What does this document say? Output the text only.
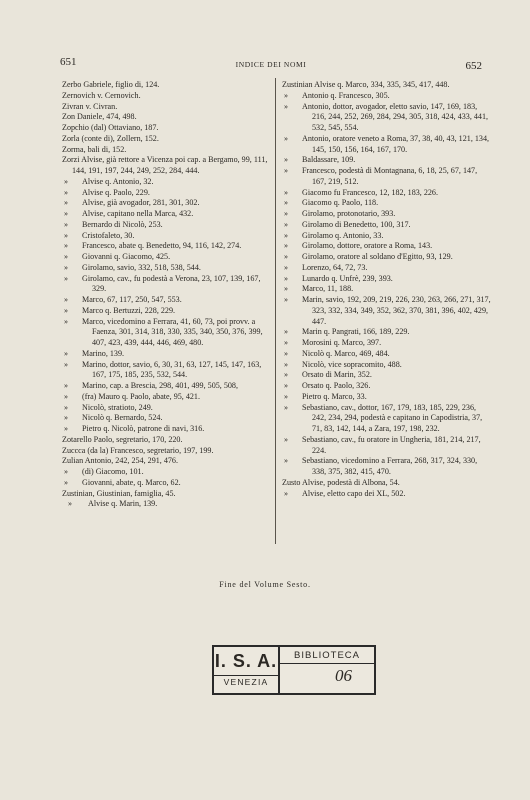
651	INDICE DEI NOMI	652
Zerbo Gabriele, figlio di, 124.
Zernovich v. Cernovich.
Zivran v. Civran.
Zon Daniele, 474, 498.
Zopchio (dal) Ottaviano, 187.
Zorla (conte di), Zollern, 152.
Zorma, bali di, 152.
Zorzi Alvise, già rettore a Vicenza poi cap. a Bergamo, 99, 111, 144, 191, 197, 244, 249, 252, 284, 444.
» Alvise q. Antonio, 32.
» Alvise q. Paolo, 229.
» Alvise, già avogador, 281, 301, 302.
» Alvise, capitano nella Marca, 432.
» Bernardo di Nicolò, 253.
» Cristofaleto, 30.
» Francesco, abate q. Benedetto, 94, 116, 142, 274.
» Giovanni q. Giacomo, 425.
» Girolamo, savio, 332, 518, 538, 544.
» Girolamo, cav., fu podestà a Verona, 23, 107, 139, 167, 329.
» Marco, 67, 117, 250, 547, 553.
» Marco q. Bertuzzi, 228, 229.
» Marco, vicedomino a Ferrara, 41, 60, 73, poi provv. a Faenza, 301, 314, 318, 330, 335, 340, 350, 376, 399, 407, 423, 439, 444, 446, 469, 480.
» Marino, 139.
» Marino, dottor, savio, 6, 30, 31, 63, 127, 145, 147, 163, 167, 175, 185, 235, 532, 544.
» Marino, cap. a Brescia, 298, 401, 499, 505, 508,
» (fra) Mauro q. Paolo, abate, 95, 421.
» Nicolò, stratioto, 249.
» Nicolò q. Bernardo, 524.
» Pietro q. Nicolò, patrone di navi, 316.
Zotarello Paolo, segretario, 170, 220.
Zuccca (da la) Francesco, segretario, 197, 199.
Zulian Antonio, 242, 254, 291, 476.
» (di) Giacomo, 101.
» Giovanni, abate, q. Marco, 62.
Zustinian, Giustinian, famiglia, 45.
» Alvise q. Marin, 139.
Zustinian Alvise q. Marco, 334, 335, 345, 417, 448.
» Antonio q. Francesco, 305.
» Antonio, dottor, avogador, eletto savio, 147, 169, 183, 216, 244, 252, 269, 284, 294, 305, 318, 424, 433, 441, 532, 545, 554.
» Antonio, oratore veneto a Roma, 37, 38, 40, 43, 121, 134, 145, 150, 156, 164, 167, 170.
» Baldassare, 109.
» Francesco, podestà di Montagnana, 6, 18, 25, 67, 147, 167, 219, 512.
» Giacomo fu Francesco, 12, 182, 183, 226.
» Giacomo q. Paolo, 118.
» Girolamo, protonotario, 393.
» Girolamo di Benedetto, 100, 317.
» Girolamo q. Antonio, 33.
» Girolamo, dottore, oratore a Roma, 143.
» Girolamo, oratore al soldano d'Egitto, 93, 129.
» Lorenzo, 64, 72, 73.
» Lunardo q. Unfrè, 239, 393.
» Marco, 11, 188.
» Marin, savio, 192, 209, 219, 226, 230, 263, 266, 271, 317, 323, 332, 334, 349, 352, 362, 370, 381, 396, 402, 429, 447.
» Marin q. Pangrati, 166, 189, 229.
» Morosini q. Marco, 397.
» Nicolò q. Marco, 469, 484.
» Nicolò, vice sopracomito, 488.
» Orsato di Marin, 352.
» Orsato q. Paolo, 326.
» Pietro q. Marco, 33.
» Sebastiano, cav., dottor, 167, 179, 183, 185, 229, 236, 242, 234, 294, podestà e capitano in Capodistria, 37, 71, 83, 142, 144, a Zara, 197, 198, 232.
» Sebastiano, cav., fu oratore in Ungheria, 181, 214, 217, 224.
» Sebastiano, vicedomino a Ferrara, 268, 317, 324, 330, 338, 375, 382, 415, 470.
Zusto Alvise, podestà di Albona, 54.
» Alvise, eletto capo dei XL, 502.
Fine del Volume Sesto.
I. S. A.
VENEZIA
BIBLIOTECA
06
